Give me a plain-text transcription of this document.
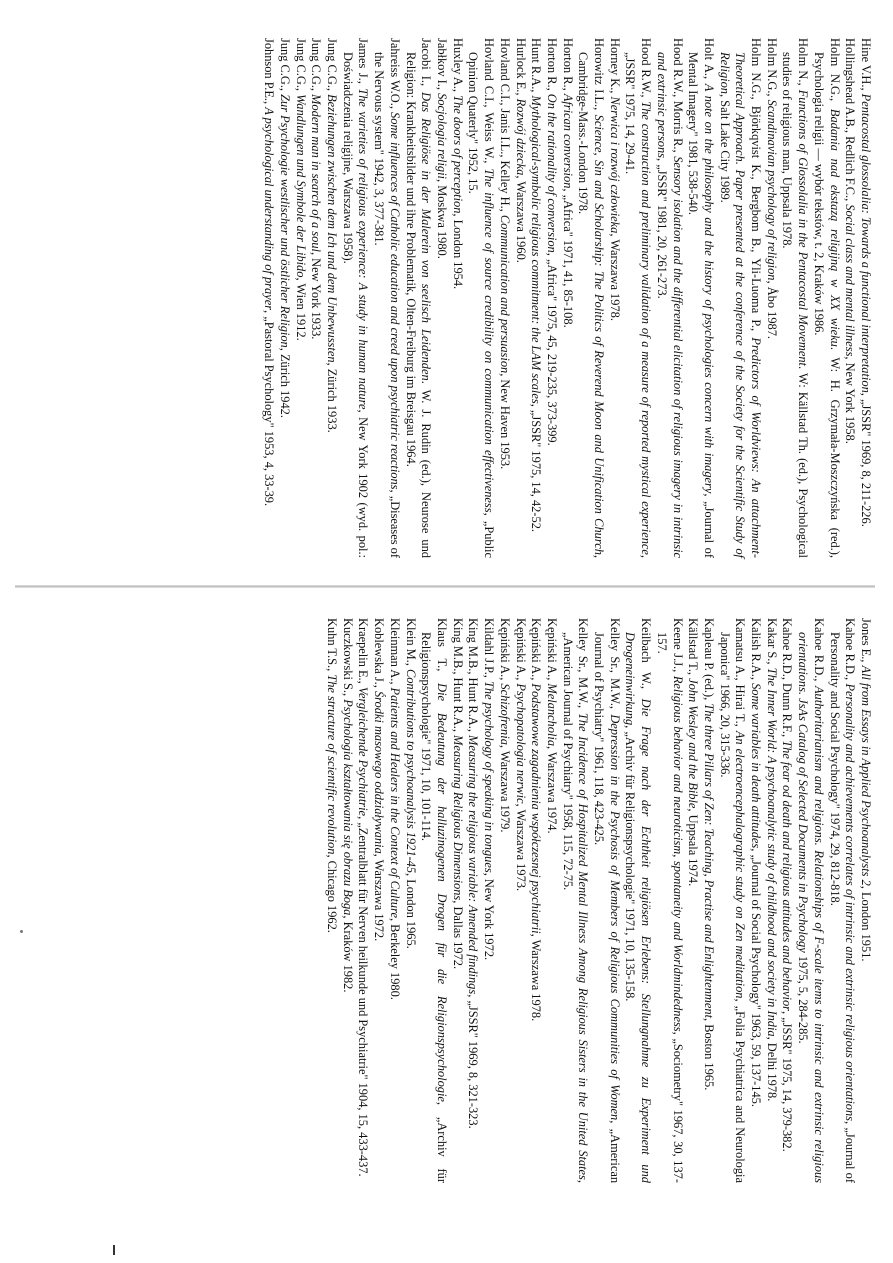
Hine V.H., Pentacostal glossolalia: Towards a functional interpretation, „JSSR" 1969, 8, 211-226.
Hollingshead A.B., Redlich F.C., Social class and mental illness, New York 1958.
Holm N.G., Badania nad ekstazą religijną w XX wieku. W: H. Grzymała-Moszczyńska (red.), Psychologia religii — wybór tekstów, t. 2, Kraków 1986.
Holm N., Functions of Glossolalia in the Pentacostal Movement. W: Källstad Th. (ed.), Psychological studies of religious man, Uppsala 1978.
Holm N.G., Scandinavian psychology of religion, Åbo 1987.
Holm N.G., Björkqvist K., Bergbom B., Yli-Luoma P., Predictors of Worldviews: An attachment-Theoretical Approach. Paper presented at the conference of the Society for the Scientific Study of Religion, Salt Lake City 1989.
Holt A., A note on the philosophy and the history of psychologies concern with imagery, „Journal of Mental Imagery" 1981, 538-540.
Hood R.W., Morris R., Sensory isolation and the differential elicitation of religious imagery in intrinsic and extrinsic persons, „JSSR" 1981, 20, 261-273.
Hood R.W., The construction and preliminary validation of a measure of reported mystical experience, „JSSR" 1975, 14, 29-41.
Horney K., Nerwica i rozwój człowieka, Warszawa 1978.
Horowitz I.L., Science, Sin and Scholarship: The Politics of Reverend Moon and Unification Church, Cambridge-Mass.-London 1978.
Horton R., African conversion, „Africa" 1971, 41, 85-108.
Horton R., On the rationality of conversion, „Africa" 1975, 45, 219-235, 373-399.
Hunt R.A., Mythological-symbolic religious commitment: the LAM scales, „JSSR" 1975, 14, 42-52.
Hurlock E., Rozwój dziecka, Warszawa 1960.
Hovland C.I., Janis I.L., Kelley H., Communication and persuasion, New Haven 1953.
Hovland C.I., Weiss W., The influence of source credibility on communication effectiveness, „Public Opinion Quaterly" 1952, 15.
Huxley A., The doors of perception, London 1954.
Jabłkov I., Socjologia religii, Moskwa 1980.
Jacobi I., Das Religiöse in der Malerein von seelisch Leidenden. W. J. Rudin (ed.), Neurose und Religion: Krankheitsbilder und ihre Problematik, Olten-Freiburg im Breisgau 1964.
Jahreiss W.O., Some influences of Catholic education and creed upon psychiatric reactions, „Diseases of the Nervous system" 1942, 3, 377-381.
James J., The varieties of religious experience: A study in human nature, New York 1902 (wyd. pol.: Doświadczenia religijne, Warszawa 1958).
Jung C.G., Beziehungen zwischen dem Ich und dem Unbewussten, Zürich 1933.
Jung C.G., Modern man in search of a soul, New York 1933.
Jung C.G., Wandlungen und Symbole der Libido, Wien 1912.
Jung C.G., Zur Psychologie westlischer und östlicher Religion, Zürich 1942.
Johnson P.E., A psychological understanding of prayer, „Pastoral Psychology" 1953, 4, 33-39.
Jones E., All from Essays in Applied Psychoanalysts 2, London 1951.
Kahoe R.D., Personality and achievements correlates of intrinsic and extrinsic religious orientations, „Journal of Personality and Social Psychology" 1974, 29, 812-818.
Kahoe R.D., Authoritarianism and religions. Relationships of F-scale items to intrinsic and extrinsic religious orientations. JsAs Catalog of Selected Documents in Psychology 1975, 5, 284-285.
Kahoe R.D., Dunn R.F., The fear od death and religious attitudes and behavior, „JSSR" 1975, 14, 379-382.
Kakar S., The Inner World: A psychoanalytic study of childhood and society in India, Delhi 1978.
Kalish R.A., Some variables in death attitudes, „Journal of Social Psychology" 1963, 59, 137-145.
Kamatsu A., Hirai T., An electroencephalographic study on Zen meditation, „Folia Psychiatrica and Neurologia Japonica" 1966, 20, 315-336.
Kapleau P. (ed.), The three Pillars of Zen: Teaching, Practise and Enlightenment, Boston 1965.
Källstad T., John Wesley and the Bible, Uppsala 1974.
Keene J.J., Religious behavior and neuroticism, spontaneity and Worldmindedness, „Sociometry" 1967, 30, 137-157.
Keilbach W., Die Frage nach der Echtheit religiösen Erlebens: Stellungnahme zu Experiment und Drogeneinwirkung, „Archiv für Religionspsychologie" 1971, 10, 135-158.
Kelley Sr., M.W., Depression in the Psychosis of Members of Religious Communities of Women, „American Journal of Psychiatry" 1961, 118, 423-425.
Kelley Sr., M.W., The Incidence of Hospitalized Mental Illness Among Religious Sisters in the United States, „American Journal of Psychiatry" 1958, 115, 72-75.
Kępiński A., Melancholia, Warszawa 1974.
Kępiński A., Podstawowe zagadnienia współczesnej psychiatrii, Warszawa 1978.
Kępiński A., Psychopatologia nerwic, Warszawa 1973.
Kępiński A., Schizofrenia, Warszawa 1979.
Kildahl J.P., The psychology of speaking in tongues, New York 1972.
King M.B., Hunt R.A., Measuring the religious variable: Amended findings, „JSSR" 1969, 8, 321-323.
King M.B., Hunt R.A., Measuring Religious Dimensions, Dallas 1972.
Klaus T., Die Bedeutung der halluzinogenen Drogen für die Religionspsychologie, „Archiv für Religionspsychologie" 1971, 10, 101-114.
Klein M., Contributions to psychoanalysis 1921-45, London 1965.
Kleinman A., Patients and Healers in the Context of Culture, Berkeley 1980.
Koblewska J., Środki masowego oddziaływania, Warszawa 1972.
Kraepelin E., Vergleichende Psychiatrie, „Zentralblatt für Nerven heilkunde und Psychiatrie" 1904, 15, 433-437.
Kuczkowski S., Psychologia kształtowania się obrazu Boga, Kraków 1982.
Kuhn T.S., The structure of scientific revolution, Chicago 1962.
